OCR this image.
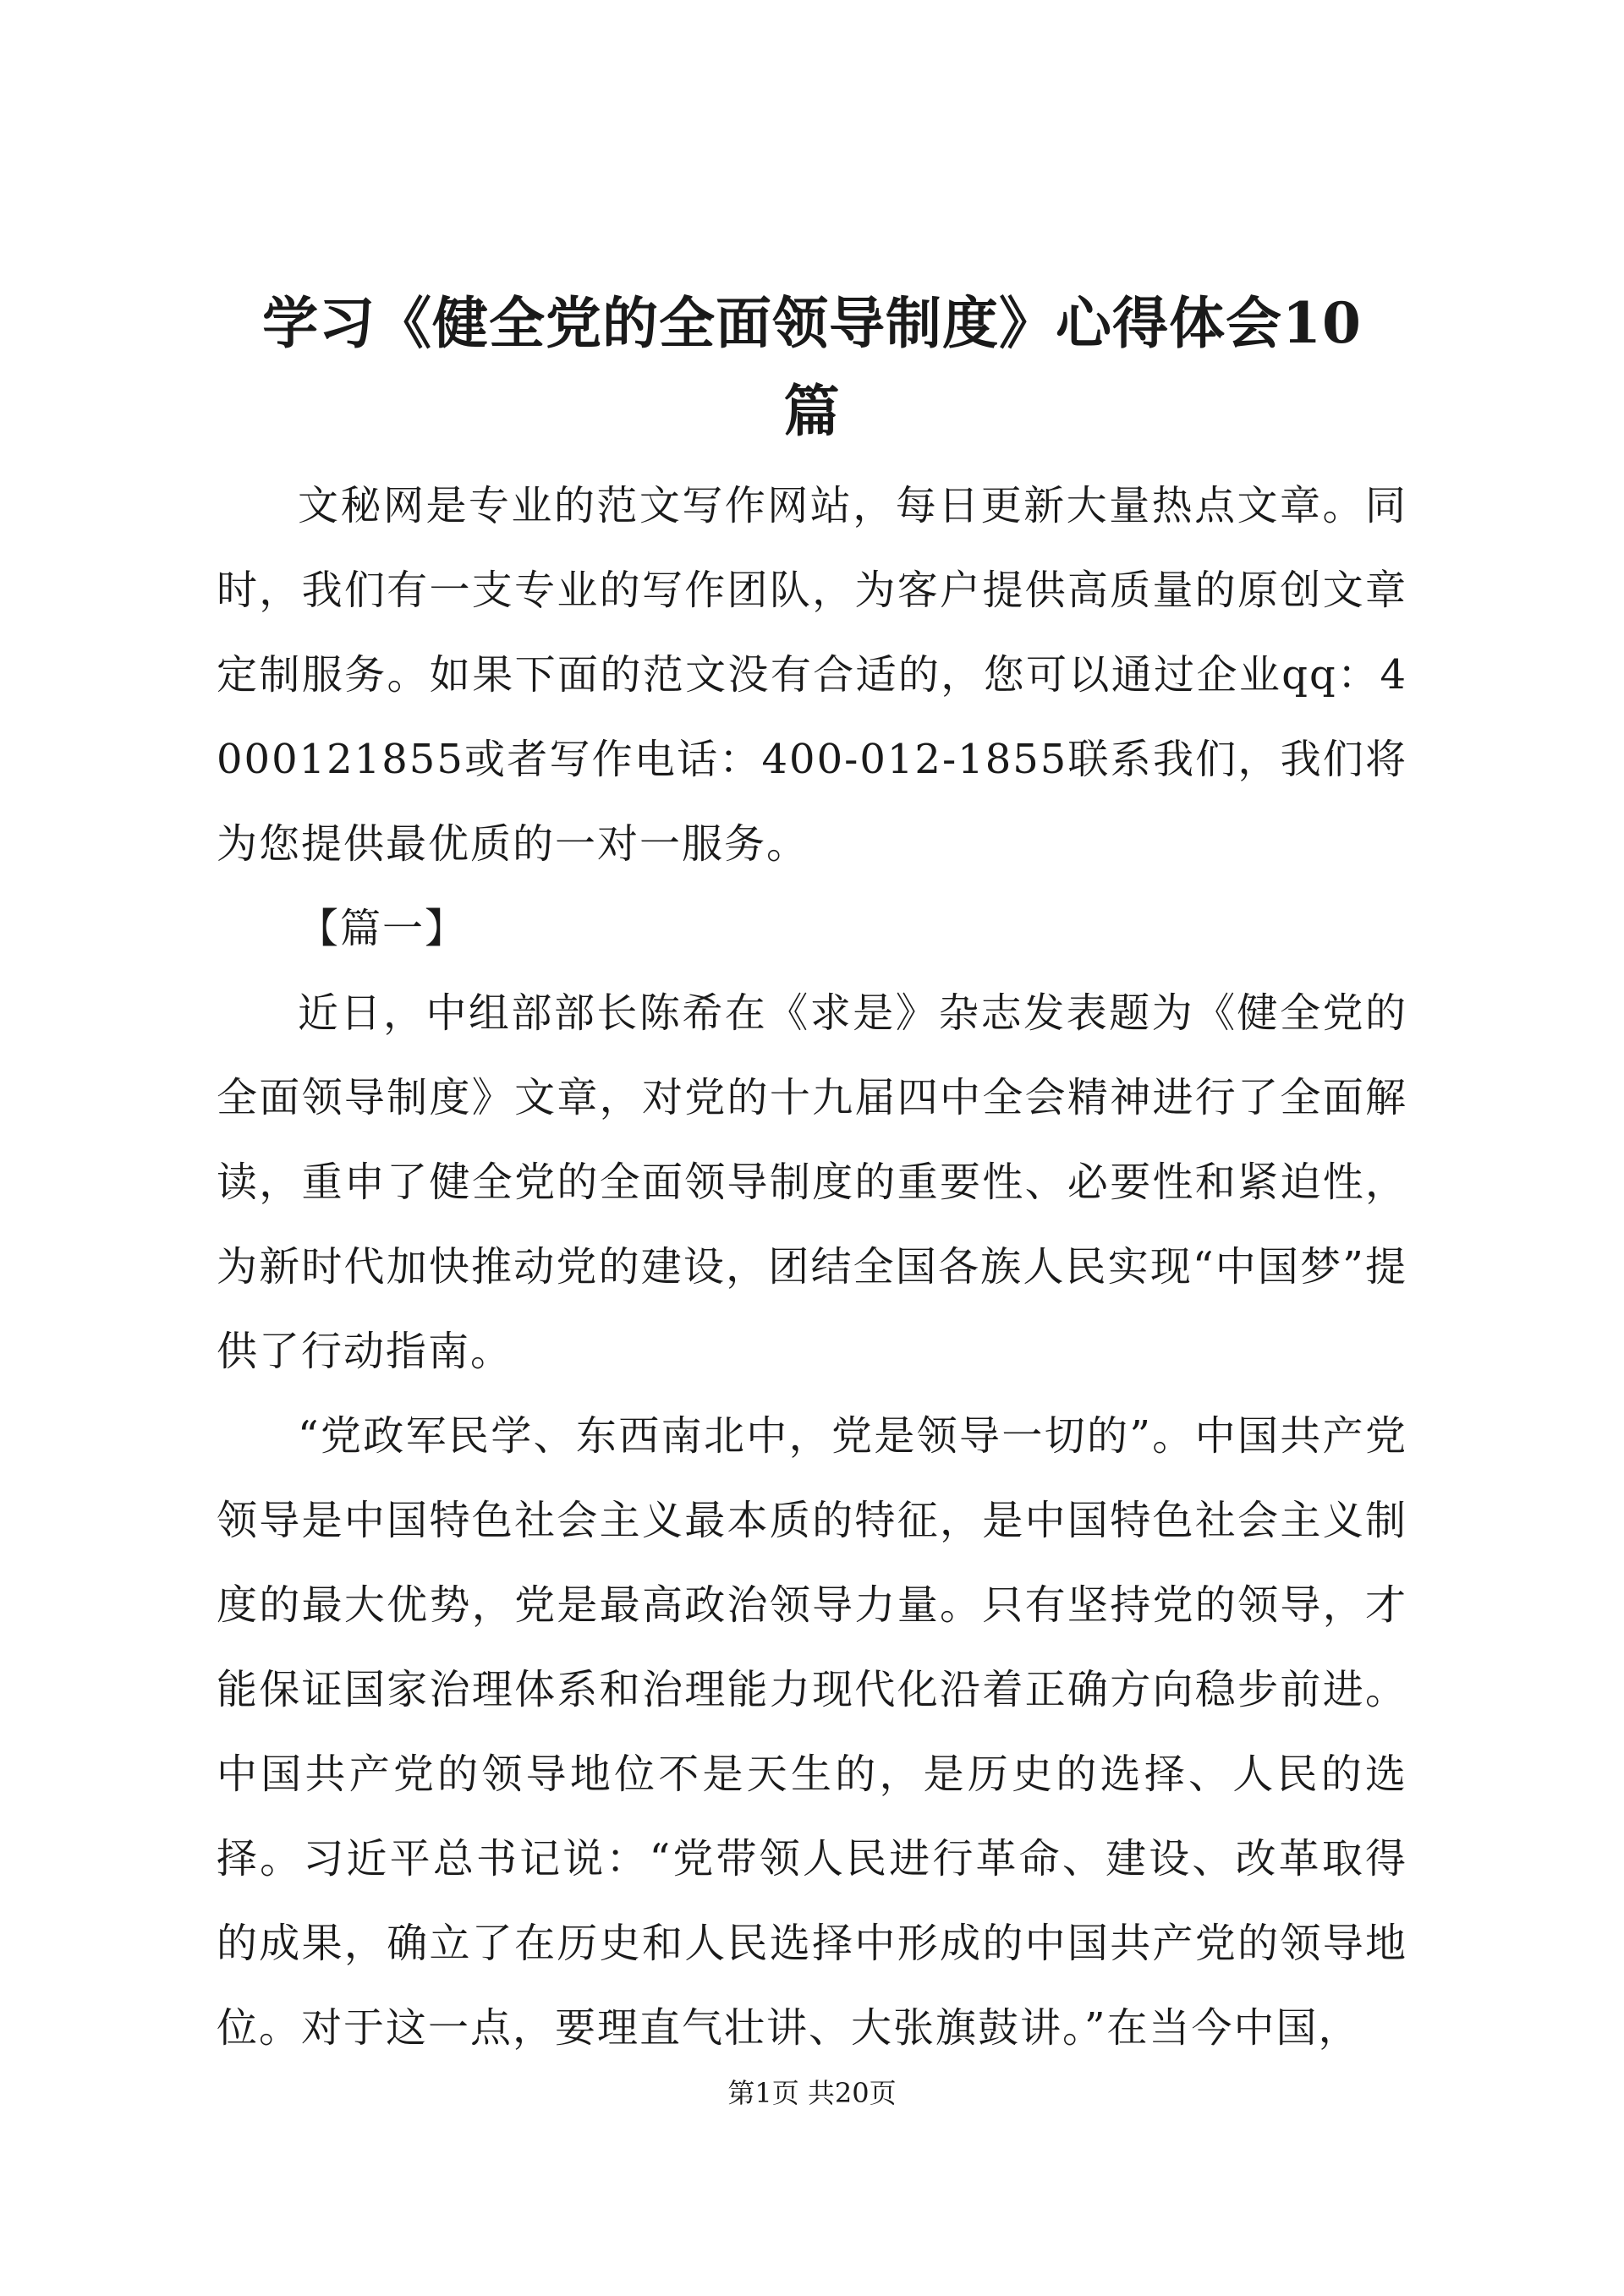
学习《健全党的全面领导制度》心得体会10
篇

文秘网是专业的范文写作网站，每日更新大量热点文章。同时，我们有一支专业的写作团队，为客户提供高质量的原创文章定制服务。如果下面的范文没有合适的，您可以通过企业qq：4000121855或者写作电话：400-012-1855联系我们，我们将为您提供最优质的一对一服务。

【篇一】

近日，中组部部长陈希在《求是》杂志发表题为《健全党的全面领导制度》文章，对党的十九届四中全会精神进行了全面解读，重申了健全党的全面领导制度的重要性、必要性和紧迫性，为新时代加快推动党的建设，团结全国各族人民实现“中国梦”提供了行动指南。

“党政军民学、东西南北中，党是领导一切的”。中国共产党领导是中国特色社会主义最本质的特征，是中国特色社会主义制度的最大优势，党是最高政治领导力量。只有坚持党的领导，才能保证国家治理体系和治理能力现代化沿着正确方向稳步前进。中国共产党的领导地位不是天生的，是历史的选择、人民的选择。习近平总书记说：“党带领人民进行革命、建设、改革取得的成果，确立了在历史和人民选择中形成的中国共产党的领导地位。对于这一点，要理直气壮讲、大张旗鼓讲。”在当今中国，

第1页 共20页
